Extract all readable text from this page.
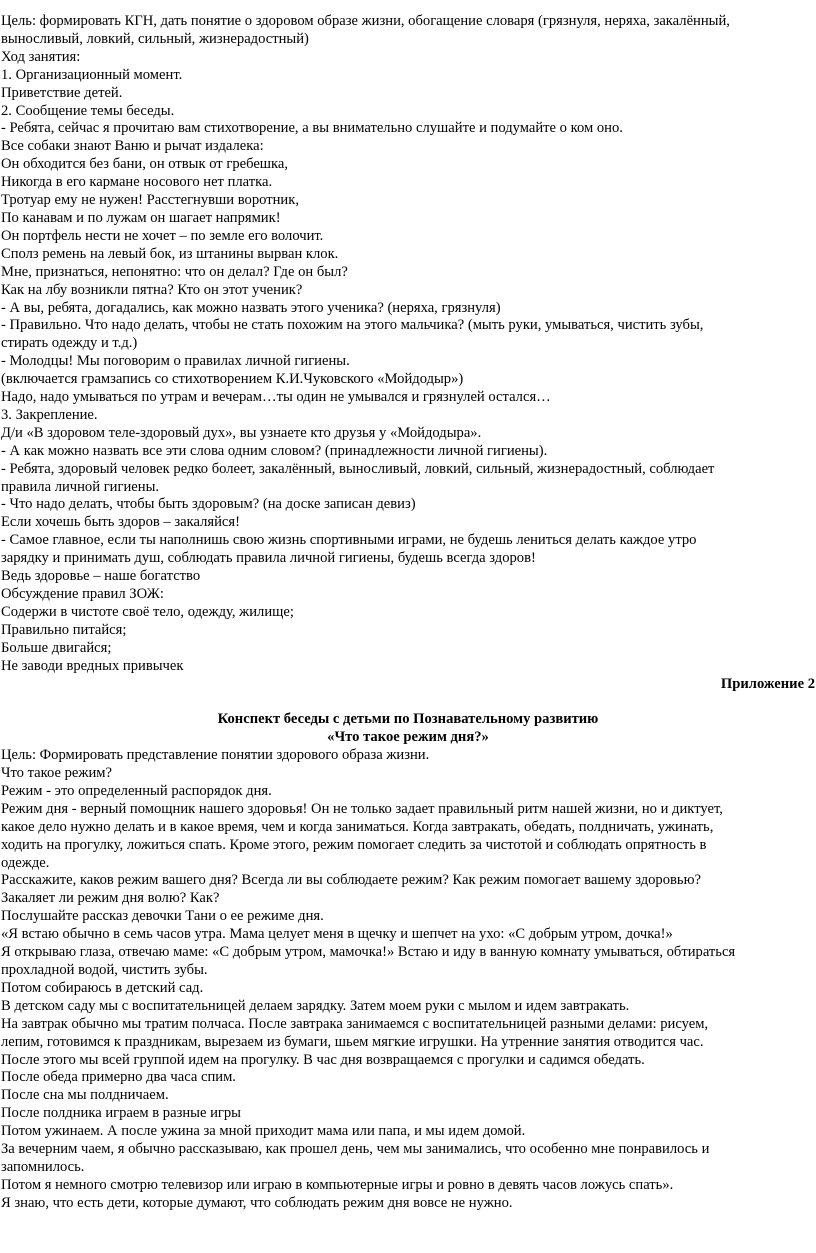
Цель: формировать КГН, дать понятие о здоровом образе жизни, обогащение словаря (грязнуля, неряха, закалённый,
выносливый, ловкий, сильный, жизнерадостный)
Ход занятия:
1. Организационный момент.
Приветствие детей.
2. Сообщение темы беседы.
- Ребята, сейчас я прочитаю вам стихотворение, а вы внимательно слушайте и подумайте о ком оно.
Все собаки знают Ваню и рычат издалека:
Он обходится без бани, он отвык от гребешка,
Никогда в его кармане носового нет платка.
Тротуар ему не нужен! Расстегнувши воротник,
По канавам и по лужам он шагает напрямик!
Он портфель нести не хочет – по земле его волочит.
Сполз ремень на левый бок, из штанины вырван клок.
Мне, признаться, непонятно: что он делал? Где он был?
Как на лбу возникли пятна? Кто он этот ученик?
- А вы, ребята, догадались, как можно назвать этого ученика? (неряха, грязнуля)
- Правильно. Что надо делать, чтобы не стать похожим на этого мальчика? (мыть руки, умываться, чистить зубы,
стирать одежду и т.д.)
- Молодцы! Мы поговорим о правилах личной гигиены.
(включается грамзапись со стихотворением К.И.Чуковского «Мойдодыр»)
Надо, надо умываться по утрам и вечерам…ты один не умывался и грязнулей остался…
3. Закрепление.
Д/и «В здоровом теле-здоровый дух», вы узнаете кто друзья у «Мойдодыра».
- А как можно назвать все эти слова одним словом? (принадлежности личной гигиены).
- Ребята, здоровый человек редко болеет, закалённый, выносливый, ловкий, сильный, жизнерадостный, соблюдает
правила личной гигиены.
- Что надо делать, чтобы быть здоровым? (на доске записан девиз)
Если хочешь быть здоров – закаляйся!
- Самое главное, если ты наполнишь свою жизнь спортивными играми, не будешь лениться делать каждое утро
зарядку и принимать душ, соблюдать правила личной гигиены, будешь всегда здоров!
Ведь здоровье – наше богатство
Обсуждение правил ЗОЖ:
Содержи в чистоте своё тело, одежду, жилище;
Правильно питайся;
Больше двигайся;
Не заводи вредных привычек
Приложение 2
Конспект беседы с детьми по Познавательному развитию
«Что такое режим дня?»
Цель: Формировать представление понятии здорового образа жизни.
Что такое режим?
Режим - это определенный распорядок дня.
Режим дня - верный помощник нашего здоровья! Он не только задает правильный ритм нашей жизни, но и диктует,
какое дело нужно делать и в какое время, чем и когда заниматься. Когда завтракать, обедать, полдничать, ужинать,
ходить на прогулку, ложиться спать. Кроме этого, режим помогает следить за чистотой и соблюдать опрятность в
одежде.
Расскажите, каков режим вашего дня? Всегда ли вы соблюдаете режим? Как режим помогает вашему здоровью?
Закаляет ли режим дня волю? Как?
Послушайте рассказ девочки Тани о ее режиме дня.
«Я встаю обычно в семь часов утра. Мама целует меня в щечку и шепчет на ухо: «С добрым утром, дочка!»
Я открываю глаза, отвечаю маме: «С добрым утром, мамочка!» Встаю и иду в ванную комнату умываться, обтираться
прохладной водой, чистить зубы.
Потом собираюсь в детский сад.
В детском саду мы с воспитательницей делаем зарядку. Затем моем руки с мылом и идем завтракать.
На завтрак обычно мы тратим полчаса. После завтрака занимаемся с воспитательницей разными делами: рисуем,
лепим, готовимся к праздникам, вырезаем из бумаги, шьем мягкие игрушки. На утренние занятия отводится час.
После этого мы всей группой идем на прогулку. В час дня возвращаемся с прогулки и садимся обедать.
После обеда примерно два часа спим.
После сна мы полдничаем.
После полдника играем в разные игры
Потом ужинаем. А после ужина за мной приходит мама или папа, и мы идем домой.
За вечерним чаем, я обычно рассказываю, как прошел день, чем мы занимались, что особенно мне понравилось и
запомнилось.
Потом я немного смотрю телевизор или играю в компьютерные игры и ровно в девять часов ложусь спать».
Я знаю, что есть дети, которые думают, что соблюдать режим дня вовсе не нужно.
